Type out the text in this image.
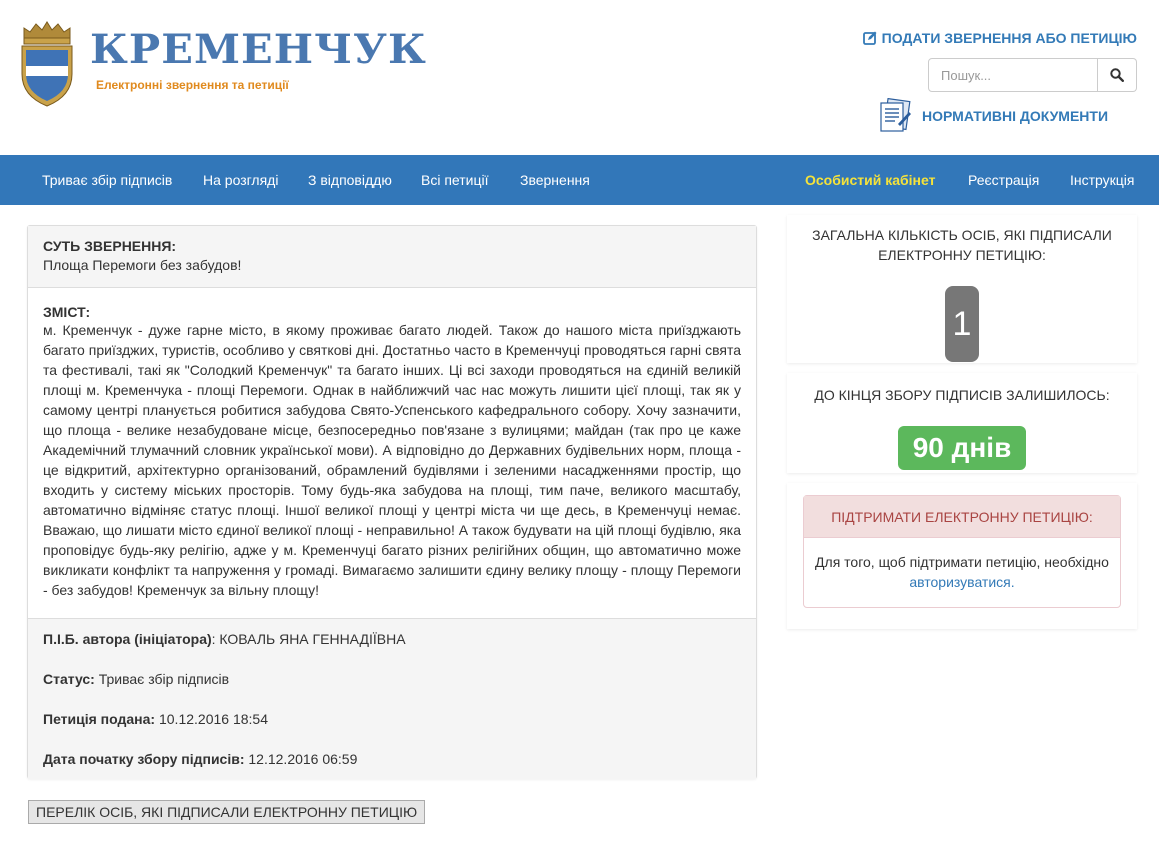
КРЕМЕНЧУК
Електронні звернення та петиції
ПОДАТИ ЗВЕРНЕННЯ АБО ПЕТИЦІЮ
Пошук...
НОРМАТИВНІ ДОКУМЕНТИ
Триває збір підписів На розгляді З відповіддю Всі петиції Звернення	Особистий кабінет Реєстрація Інструкція
СУТЬ ЗВЕРНЕННЯ:
Площа Перемоги без забудов!
ЗМІСТ:

м. Кременчук - дуже гарне місто, в якому проживає багато людей. Також до нашого міста приїзджають багато приїзджих, туристів, особливо у святкові дні. Достатньо часто в Кременчуці проводяться гарні свята та фестивалі, такі як "Солодкий Кременчук" та багато інших. Ці всі заходи проводяться на єдиній великій площі м. Кременчука - площі Перемоги. Однак в найближчий час нас можуть лишити цієї площі, так як у самому центрі планується робитися забудова Свято-Успенського кафедрального собору. Хочу зазначити, що площа - велике незабудоване місце, безпосередньо пов'язане з вулицями; майдан (так про це каже Академічний тлумачний словник української мови). А відповідно до Державних будівельних норм, площа - це відкритий, архітектурно організований, обрамлений будівлями і зеленими насадженнями простір, що входить у систему міських просторів. Тому будь-яка забудова на площі, тим паче, великого масштабу, автоматично відміняє статус площі. Іншої великої площі у центрі міста чи ще десь, в Кременчуці немає. Вважаю, що лишати місто єдиної великої площі - неправильно! А також будувати на цій площі будівлю, яка проповідує будь-яку релігію, адже у м. Кременчуці багато різних релігійних общин, що автоматично може викликати конфлікт та напруження у громаді. Вимагаємо залишити єдину велику площу - площу Перемоги - без забудов! Кременчук за вільну площу!

П.І.Б. автора (ініціатора): КОВАЛЬ ЯНА ГЕННАДІЇВНА
Статус: Триває збір підписів
Петиція подана: 10.12.2016 18:54
Дата початку збору підписів: 12.12.2016 06:59
ПЕРЕЛІК ОСІБ, ЯКІ ПІДПИСАЛИ ЕЛЕКТРОННУ ПЕТИЦІЮ
ЗАГАЛЬНА КІЛЬКІСТЬ ОСІБ, ЯКІ ПІДПИСАЛИ ЕЛЕКТРОННУ ПЕТИЦІЮ:
1
ДО КІНЦЯ ЗБОРУ ПІДПИСІВ ЗАЛИШИЛОСЬ:
90 днів
ПІДТРИМАТИ ЕЛЕКТРОННУ ПЕТИЦІЮ:
Для того, щоб підтримати петицію, необхідно авторизуватися.
